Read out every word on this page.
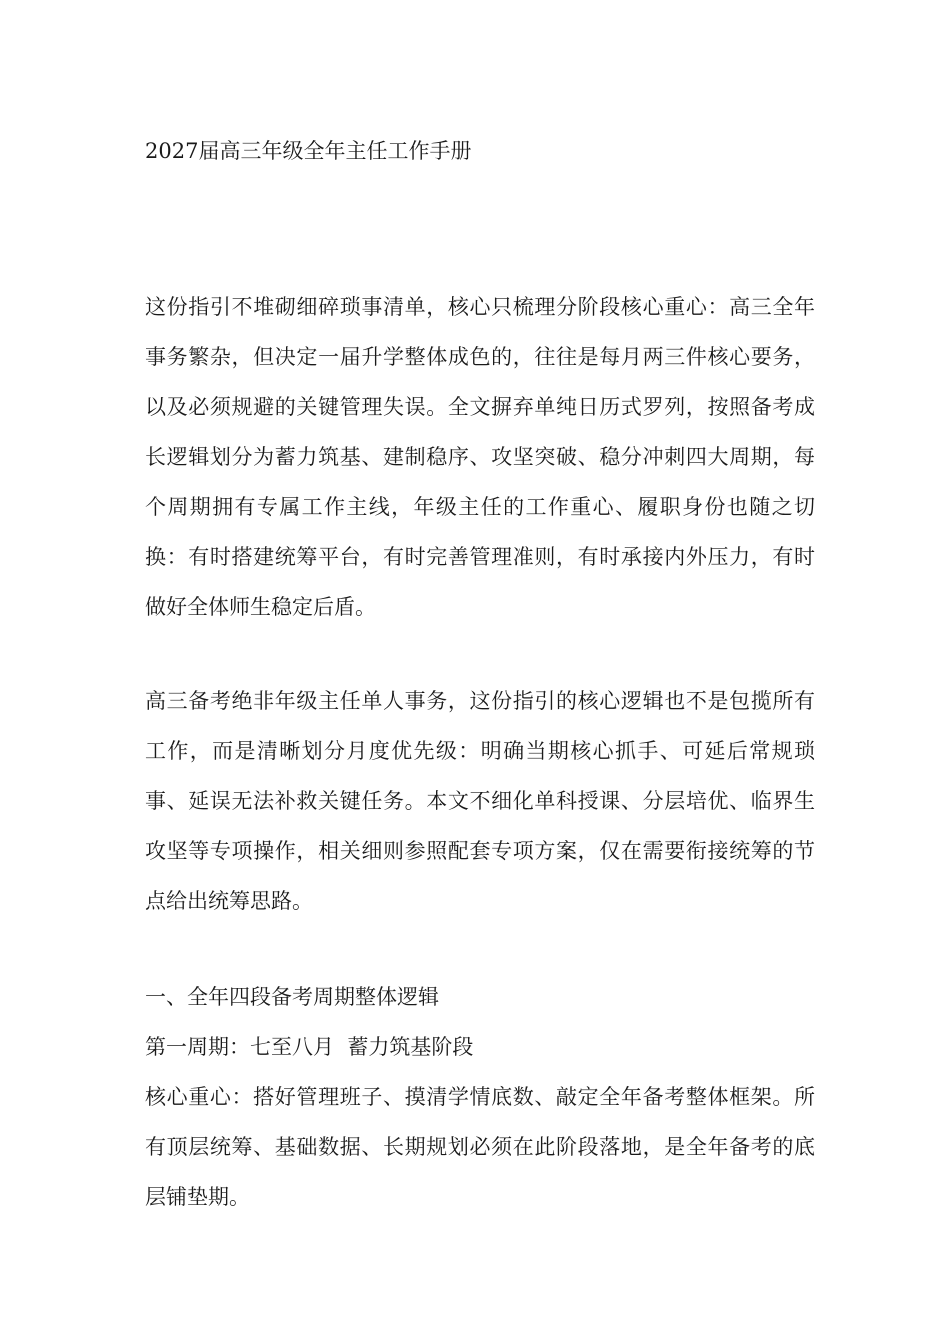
2027届高三年级全年主任工作手册
这份指引不堆砌细碎琐事清单，核心只梳理分阶段核心重心：高三全年事务繁杂，但决定一届升学整体成色的，往往是每月两三件核心要务，以及必须规避的关键管理失误。全文摒弃单纯日历式罗列，按照备考成长逻辑划分为蓄力筑基、建制稳序、攻坚突破、稳分冲刺四大周期，每个周期拥有专属工作主线，年级主任的工作重心、履职身份也随之切换：有时搭建统筹平台，有时完善管理准则，有时承接内外压力，有时做好全体师生稳定后盾。
高三备考绝非年级主任单人事务，这份指引的核心逻辑也不是包揽所有工作，而是清晰划分月度优先级：明确当期核心抓手、可延后常规琐事、延误无法补救关键任务。本文不细化单科授课、分层培优、临界生攻坚等专项操作，相关细则参照配套专项方案，仅在需要衔接统筹的节点给出统筹思路。
一、全年四段备考周期整体逻辑
第一周期：七至八月  蓄力筑基阶段
核心重心：搭好管理班子、摸清学情底数、敲定全年备考整体框架。所有顶层统筹、基础数据、长期规划必须在此阶段落地，是全年备考的底层铺垫期。
